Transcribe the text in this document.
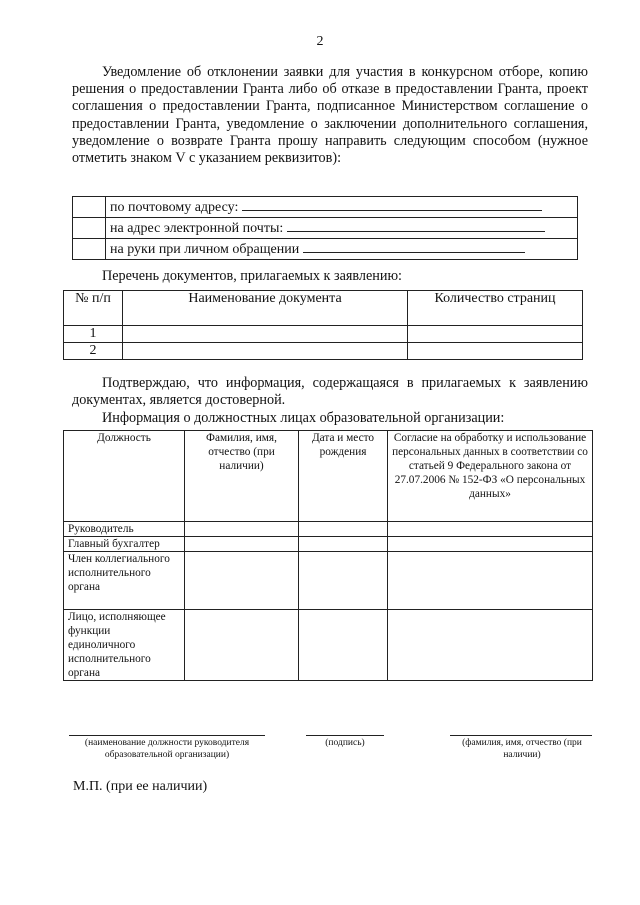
2
Уведомление об отклонении заявки для участия в конкурсном отборе, копию решения о предоставлении Гранта либо об отказе в предоставлении Гранта, проект соглашения о предоставлении Гранта, подписанное Министерством соглашение о предоставлении Гранта, уведомление о заключении дополнительного соглашения, уведомление о возврате Гранта прошу направить следующим способом (нужное отметить знаком V с указанием реквизитов):
	по почтовому адресу:
	на адрес электронной почты:
	на руки при личном обращении
Перечень документов, прилагаемых к заявлению:
№ п/п	Наименование документа	Количество страниц
1		
2		
Подтверждаю, что информация, содержащаяся в прилагаемых к заявлению документах, является достоверной.
Информация о должностных лицах образовательной организации:
Должность	Фамилия, имя, отчество (при наличии)	Дата и место рождения	Согласие на обработку и использование персональных данных в соответствии со статьей 9 Федерального закона от 27.07.2006 № 152-ФЗ «О персональных данных»
Руководитель			
Главный бухгалтер			
Член коллегиального исполнительного органа			
Лицо, исполняющее функции единоличного исполнительного органа			
(наименование должности руководителя образовательной организации)
(подпись)	(фамилия, имя, отчество (при наличии)
М.П. (при ее наличии)
